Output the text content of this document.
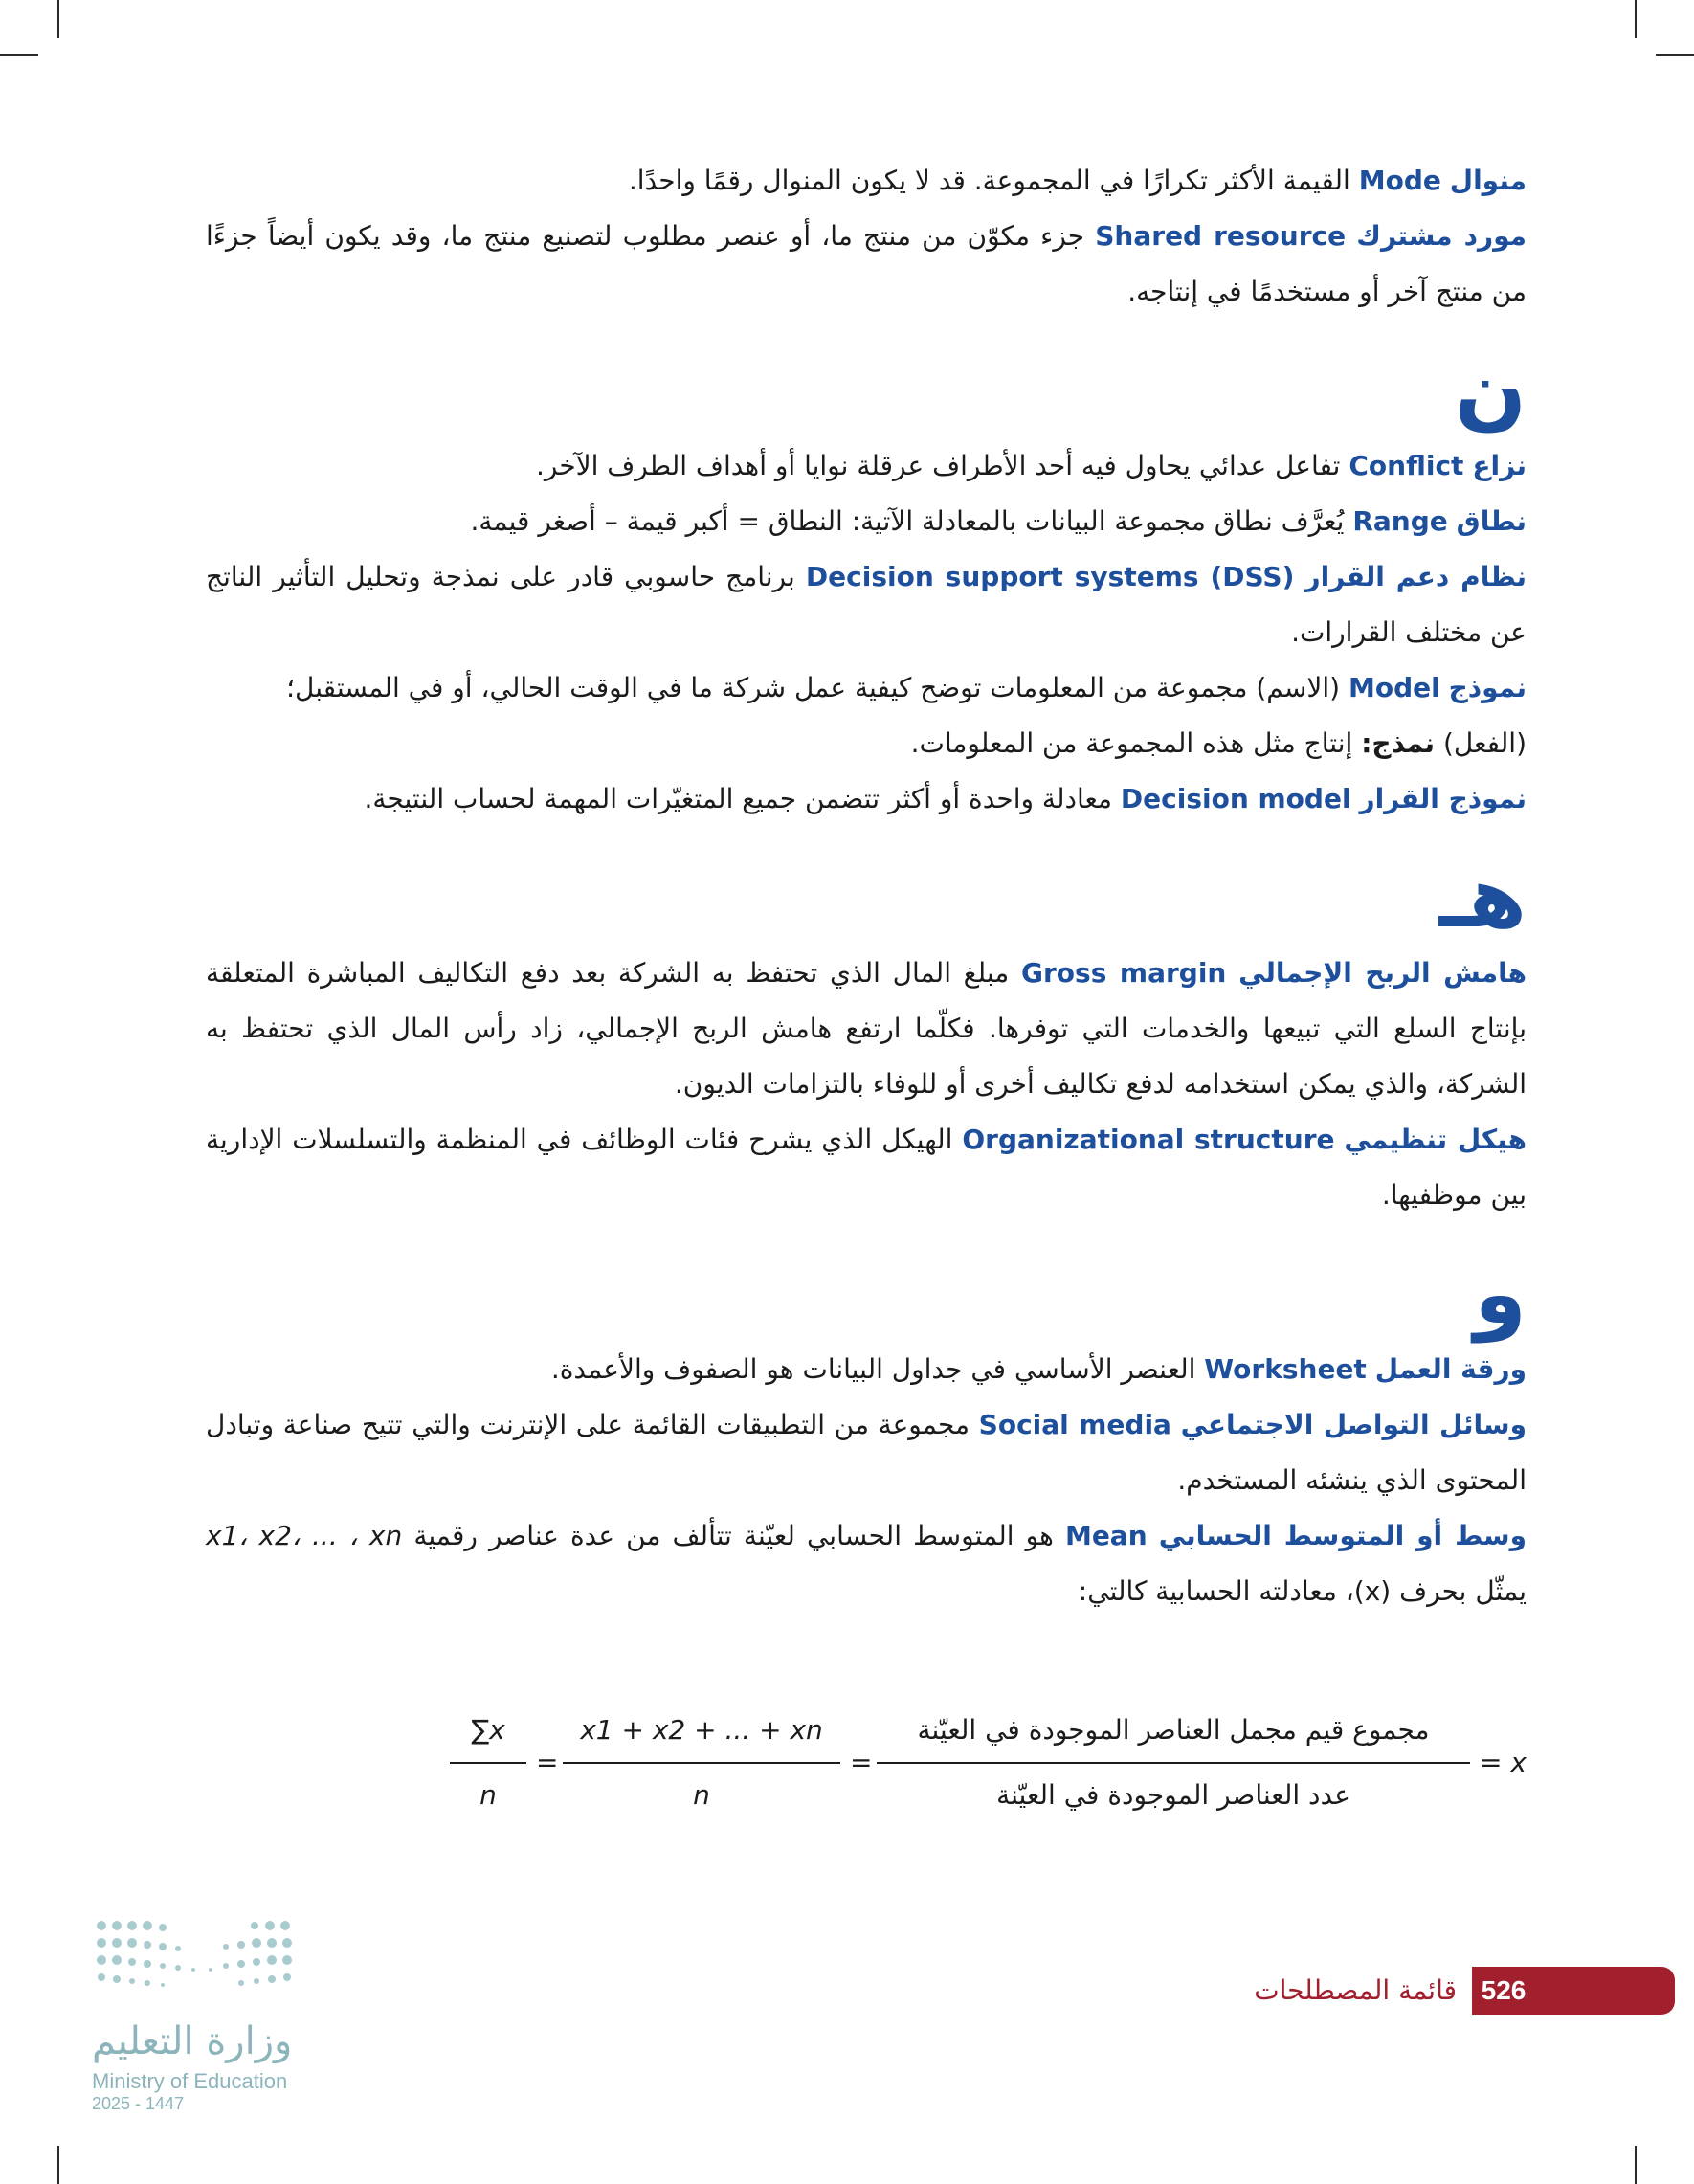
منوال Mode القيمة الأكثر تكرارًا في المجموعة. قد لا يكون المنوال رقمًا واحدًا.

مورد مشترك Shared resource جزء مكوّن من منتج ما، أو عنصر مطلوب لتصنيع منتج ما، وقد يكون أيضاً جزءًا من منتج آخر أو مستخدمًا في إنتاجه.

ن

نزاع Conflict تفاعل عدائي يحاول فيه أحد الأطراف عرقلة نوايا أو أهداف الطرف الآخر.

نطاق Range يُعرَّف نطاق مجموعة البيانات بالمعادلة الآتية: النطاق = أكبر قيمة – أصغر قيمة.

نظام دعم القرار Decision support systems (DSS) برنامج حاسوبي قادر على نمذجة وتحليل التأثير الناتج عن مختلف القرارات.

نموذج Model (الاسم) مجموعة من المعلومات توضح كيفية عمل شركة ما في الوقت الحالي، أو في المستقبل؛
(الفعل) نمذج: إنتاج مثل هذه المجموعة من المعلومات.

نموذج القرار Decision model معادلة واحدة أو أكثر تتضمن جميع المتغيّرات المهمة لحساب النتيجة.

هـ

هامش الربح الإجمالي Gross margin مبلغ المال الذي تحتفظ به الشركة بعد دفع التكاليف المباشرة المتعلقة بإنتاج السلع التي تبيعها والخدمات التي توفرها. فكلّما ارتفع هامش الربح الإجمالي، زاد رأس المال الذي تحتفظ به الشركة، والذي يمكن استخدامه لدفع تكاليف أخرى أو للوفاء بالتزامات الديون.

هيكل تنظيمي Organizational structure الهيكل الذي يشرح فئات الوظائف في المنظمة والتسلسلات الإدارية بين موظفيها.

و

ورقة العمل Worksheet العنصر الأساسي في جداول البيانات هو الصفوف والأعمدة.

وسائل التواصل الاجتماعي Social media مجموعة من التطبيقات القائمة على الإنترنت والتي تتيح صناعة وتبادل المحتوى الذي ينشئه المستخدم.

وسط أو المتوسط الحسابي Mean هو المتوسط الحسابي لعيّنة تتألف من عدة عناصر رقمية x1، x2، ... ، xn يمثّل بحرف (x)، معادلته الحسابية كالتي:

∑x
n
=
x1 + x2 + ... + xn
n
=
مجموع قيم مجمل العناصر الموجودة في العيّنة
عدد العناصر الموجودة في العيّنة
x =
وزارة التعليم
Ministry of Education
2025 - 1447
526
قائمة المصطلحات
